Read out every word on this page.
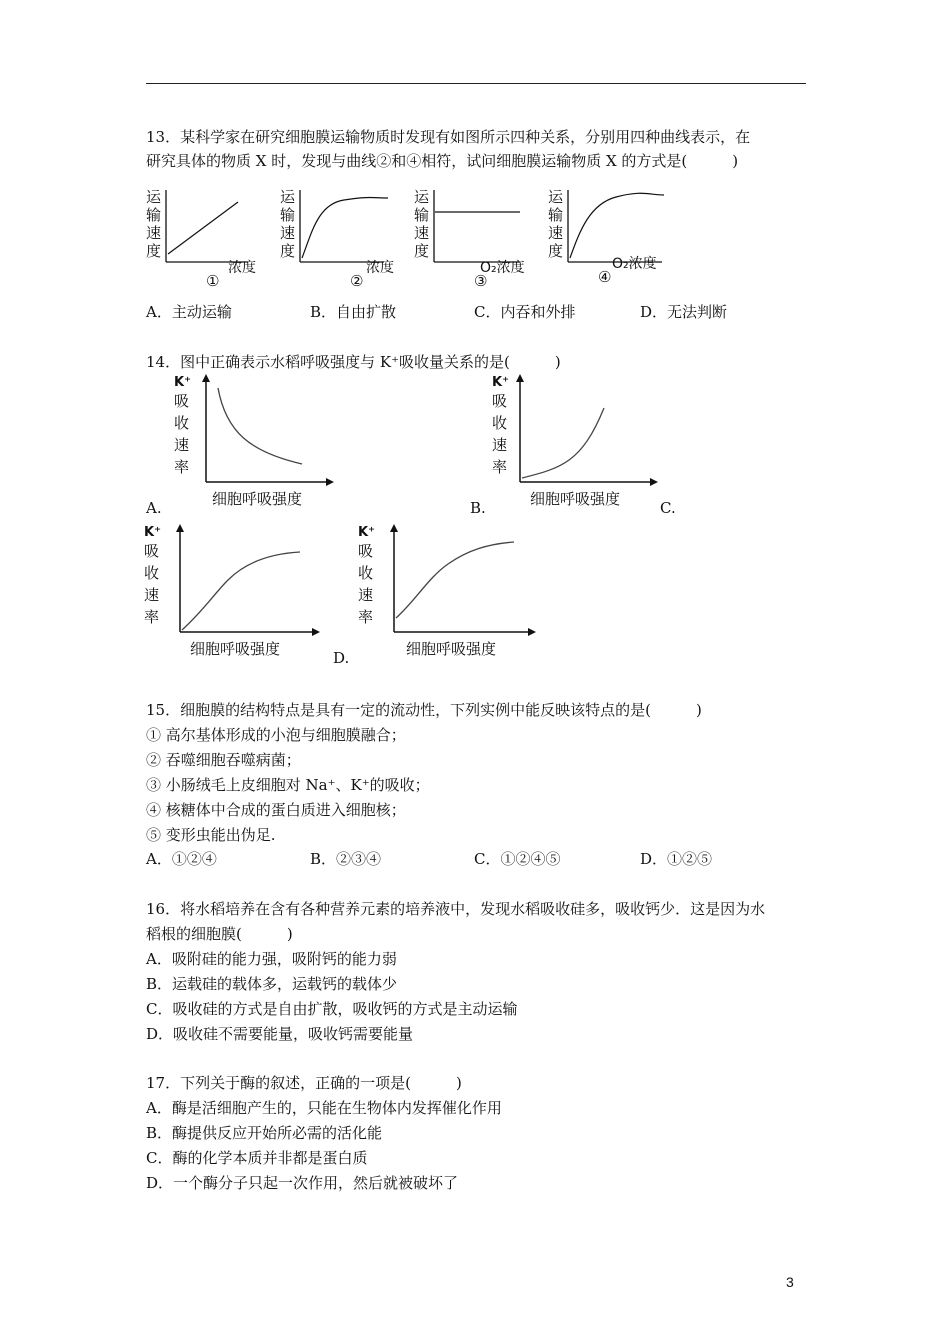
13．某科学家在研究细胞膜运输物质时发现有如图所示四种关系，分别用四种曲线表示，在
研究具体的物质 X 时，发现与曲线②和④相符，试问细胞膜运输物质 X 的方式是(　　　)
运
输
速
度
浓度
①
运
输
速
度
浓度
②
运
输
速
度
O₂浓度
③
运
输
速
度
O₂浓度
④
A．主动运输	B．自由扩散	C．内吞和外排	D．无法判断
14．图中正确表示水稻呼吸强度与 K⁺吸收量关系的是(　　　)
K⁺
吸
收
速
率
细胞呼吸强度
K⁺
吸
收
速
率
细胞呼吸强度
K⁺
吸
收
速
率
细胞呼吸强度
K⁺
吸
收
速
率
细胞呼吸强度
A.	B.	C.
D.
15．细胞膜的结构特点是具有一定的流动性，下列实例中能反映该特点的是(　　　)
① 高尔基体形成的小泡与细胞膜融合；
② 吞噬细胞吞噬病菌；
③ 小肠绒毛上皮细胞对 Na⁺、K⁺的吸收；
④ 核糖体中合成的蛋白质进入细胞核；
⑤ 变形虫能出伪足.
A．①②④	B．②③④	C．①②④⑤	D．①②⑤
16．将水稻培养在含有各种营养元素的培养液中，发现水稻吸收硅多，吸收钙少．这是因为水
稻根的细胞膜(　　　)
A．吸附硅的能力强，吸附钙的能力弱
B．运载硅的载体多，运载钙的载体少
C．吸收硅的方式是自由扩散，吸收钙的方式是主动运输
D．吸收硅不需要能量，吸收钙需要能量
17．下列关于酶的叙述，正确的一项是(　　　)
A．酶是活细胞产生的，只能在生物体内发挥催化作用
B．酶提供反应开始所必需的活化能
C．酶的化学本质并非都是蛋白质
D．一个酶分子只起一次作用，然后就被破坏了
3
